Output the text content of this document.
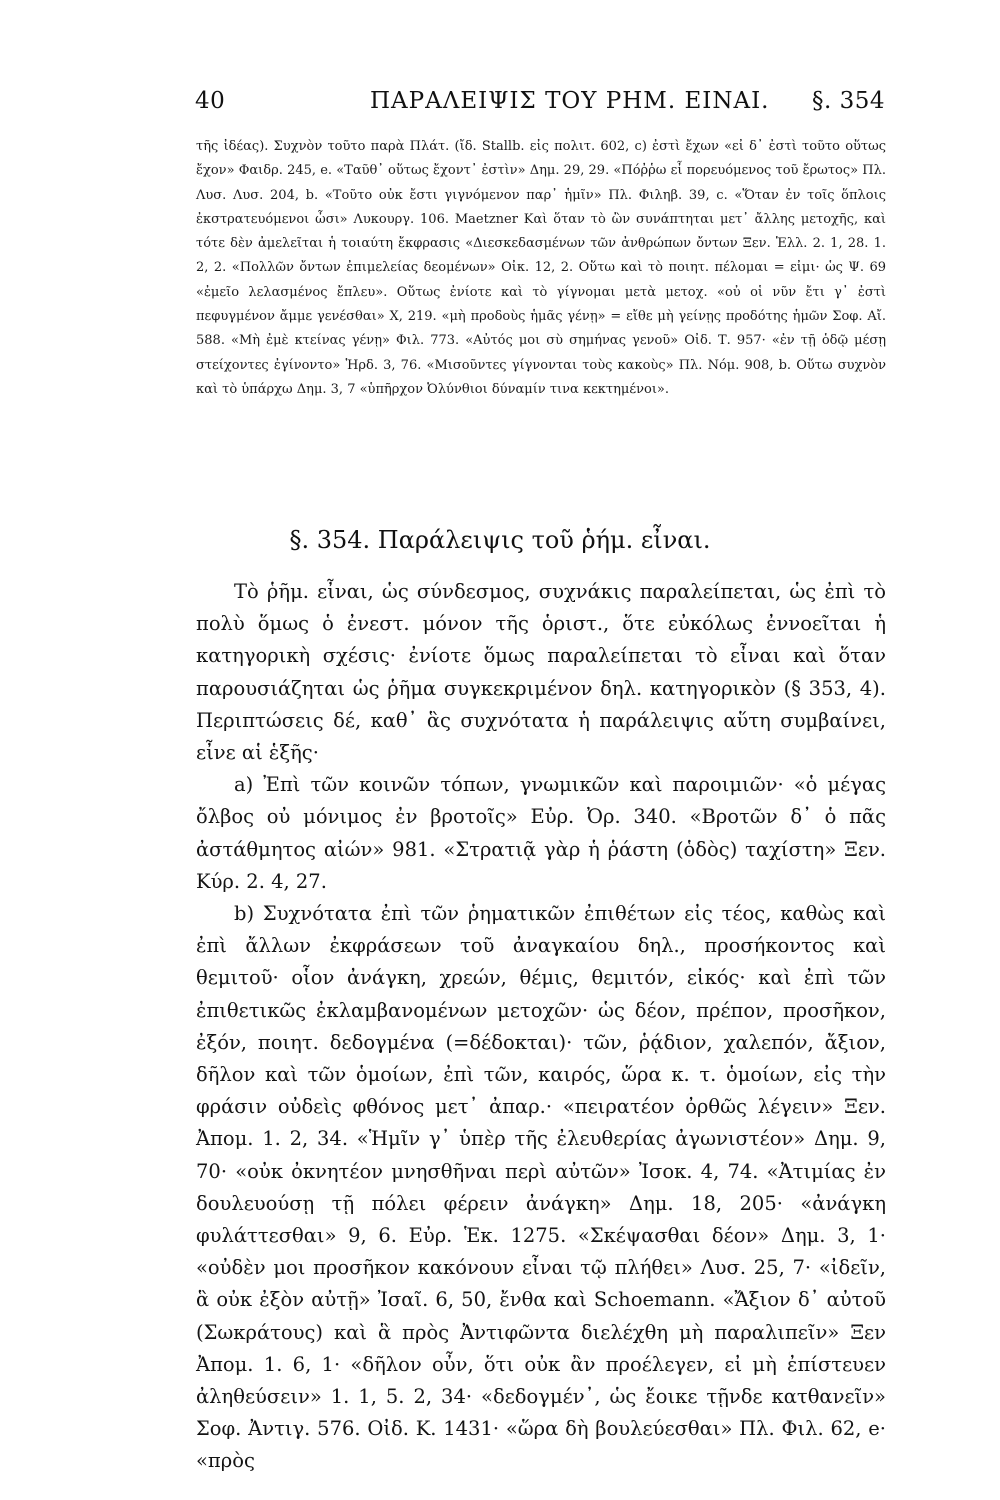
40	ΠΑΡΑΛΕΙΨΙΣ ΤΟΥ ΡΗΜ. ΕΙΝΑΙ. §. 354

τῆς ἰδέας). Συχνὸν τοῦτο παρὰ Πλάτ. (ἴδ. Stallb. εἰς πολιτ. 602, c) ἐστὶ ἔχων «εἰ δ᾽ ἐστὶ τοῦτο οὕτως ἔχον» Φαιδρ. 245, e. «Ταῦθ᾽ οὕτως ἔχοντ᾽ ἐστὶν» Δημ. 29, 29. «Πόῤῥω εἶ πορευόμενος τοῦ ἔρωτος» Πλ. Λυσ. Λυσ. 204, b. «Τοῦτο οὐκ ἔστι γιγνόμενον παρ᾽ ἡμῖν» Πλ. Φιληβ. 39, c. «Ὅταν ἐν τοῖς ὅπλοις ἐκστρατευόμενοι ὦσι» Λυκουργ. 106. Maetzner Καὶ ὅταν τὸ ὢν συνάπτηται μετ᾽ ἄλλης μετοχῆς, καὶ τότε δὲν ἀμελεῖται ἡ τοιαύτη ἔκφρασις «Διεσκεδασμένων τῶν ἀνθρώπων ὄντων Ξεν. Ἑλλ. 2. 1, 28. 1. 2, 2. «Πολλῶν ὄντων ἐπιμελείας δεομένων» Οἰκ. 12, 2. Οὕτω καὶ τὸ ποιητ. πέλομαι = εἰμι· ὡς Ψ. 69 «ἐμεῖο λελασμένος ἔπλευ». Οὕτως ἐνίοτε καὶ τὸ γίγνομαι μετὰ μετοχ. «οὐ οἱ νῦν ἔτι γ᾽ ἐστὶ πεφυγμένον ἄμμε γενέσθαι» Χ, 219. «μὴ προδοὺς ἡμᾶς γένῃ» = εἴθε μὴ γείνῃς προδότης ἡμῶν Σοφ. Αἴ. 588. «Μὴ ἐμὲ κτείνας γένῃ» Φιλ. 773. «Αὐτός μοι σὺ σημήνας γενοῦ» Οἰδ. Τ. 957· «ἐν τῇ ὁδῷ μέσῃ στείχοντες ἐγίνοντο» Ἡρδ. 3, 76. «Μισοῦντες γίγνονται τοὺς κακοὺς» Πλ. Νόμ. 908, b. Οὕτω συχνὸν καὶ τὸ ὑπάρχω Δημ. 3, 7 «ὑπῆρχον Ὀλύνθιοι δύναμίν τινα κεκτημένοι».

§. 354. Παράλειψις τοῦ ῥήμ. εἶναι.

Τὸ ῥῆμ. εἶναι, ὡς σύνδεσμος, συχνάκις παραλείπεται, ὡς ἐπὶ τὸ πολὺ ὅμως ὁ ἐνεστ. μόνον τῆς ὁριστ., ὅτε εὐκόλως ἐννοεῖται ἡ κατηγορικὴ σχέσις· ἐνίοτε ὅμως παραλείπεται τὸ εἶναι καὶ ὅταν παρουσιάζηται ὡς ῥῆμα συγκεκριμένον δηλ. κατηγορικὸν (§ 353, 4). Περιπτώσεις δέ, καθ᾽ ἃς συχνότατα ἡ παράλειψις αὕτη συμβαίνει, εἶνε αἱ ἑξῆς·

a) Ἐπὶ τῶν κοινῶν τόπων, γνωμικῶν καὶ παροιμιῶν· «ὁ μέγας ὄλβος οὐ μόνιμος ἐν βροτοῖς» Εὐρ. Ὀρ. 340. «Βροτῶν δ᾽ ὁ πᾶς ἀστάθμητος αἰών» 981. «Στρατιᾷ γὰρ ἡ ῥάστη (ὁδὸς) ταχίστη» Ξεν. Κύρ. 2. 4, 27.

b) Συχνότατα ἐπὶ τῶν ῥηματικῶν ἐπιθέτων εἰς τέος, καθὼς καὶ ἐπὶ ἄλλων ἐκφράσεων τοῦ ἀναγκαίου δηλ., προσήκοντος καὶ θεμιτοῦ· οἷον ἀνάγκη, χρεών, θέμις, θεμιτόν, εἰκός· καὶ ἐπὶ τῶν ἐπιθετικῶς ἐκλαμβανομένων μετοχῶν· ὡς δέον, πρέπον, προσῆκον, ἐξόν, ποιητ. δεδογμένα (=δέδοκται)· τῶν, ῥᾴδιον, χαλεπόν, ἄξιον, δῆλον καὶ τῶν ὁμοίων, ἐπὶ τῶν, καιρός, ὥρα κ. τ. ὁμοίων, εἰς τὴν φράσιν οὐδεὶς φθόνος μετ᾽ ἀπαρ.· «πειρατέον ὀρθῶς λέγειν» Ξεν. Ἀπομ. 1. 2, 34. «Ἡμῖν γ᾽ ὑπὲρ τῆς ἐλευθερίας ἀγωνιστέον» Δημ. 9, 70· «οὐκ ὀκνητέον μνησθῆναι περὶ αὐτῶν» Ἰσοκ. 4, 74. «Ἀτιμίας ἐν δουλευούσῃ τῇ πόλει φέρειν ἀνάγκη» Δημ. 18, 205· «ἀνάγκη φυλάττεσθαι» 9, 6. Εὐρ. Ἑκ. 1275. «Σκέψασθαι δέον» Δημ. 3, 1· «οὐδὲν μοι προσῆκον κακόνουν εἶναι τῷ πλήθει» Λυσ. 25, 7· «ἰδεῖν, ἃ οὐκ ἐξὸν αὐτῇ» Ἰσαῖ. 6, 50, ἔνθα καὶ Schoemann. «Ἄξιον δ᾽ αὐτοῦ (Σωκράτους) καὶ ἃ πρὸς Ἀντιφῶντα διελέχθη μὴ παραλιπεῖν» Ξεν Ἀπομ. 1. 6, 1· «δῆλον οὖν, ὅτι οὐκ ἂν προέλεγεν, εἰ μὴ ἐπίστευεν ἀληθεύσειν» 1. 1, 5. 2, 34· «δεδογμέν᾽, ὡς ἔοικε τῇνδε κατθανεῖν» Σοφ. Ἀντιγ. 576. Οἰδ. Κ. 1431· «ὥρα δὴ βουλεύεσθαι» Πλ. Φιλ. 62, e· «πρὸς
